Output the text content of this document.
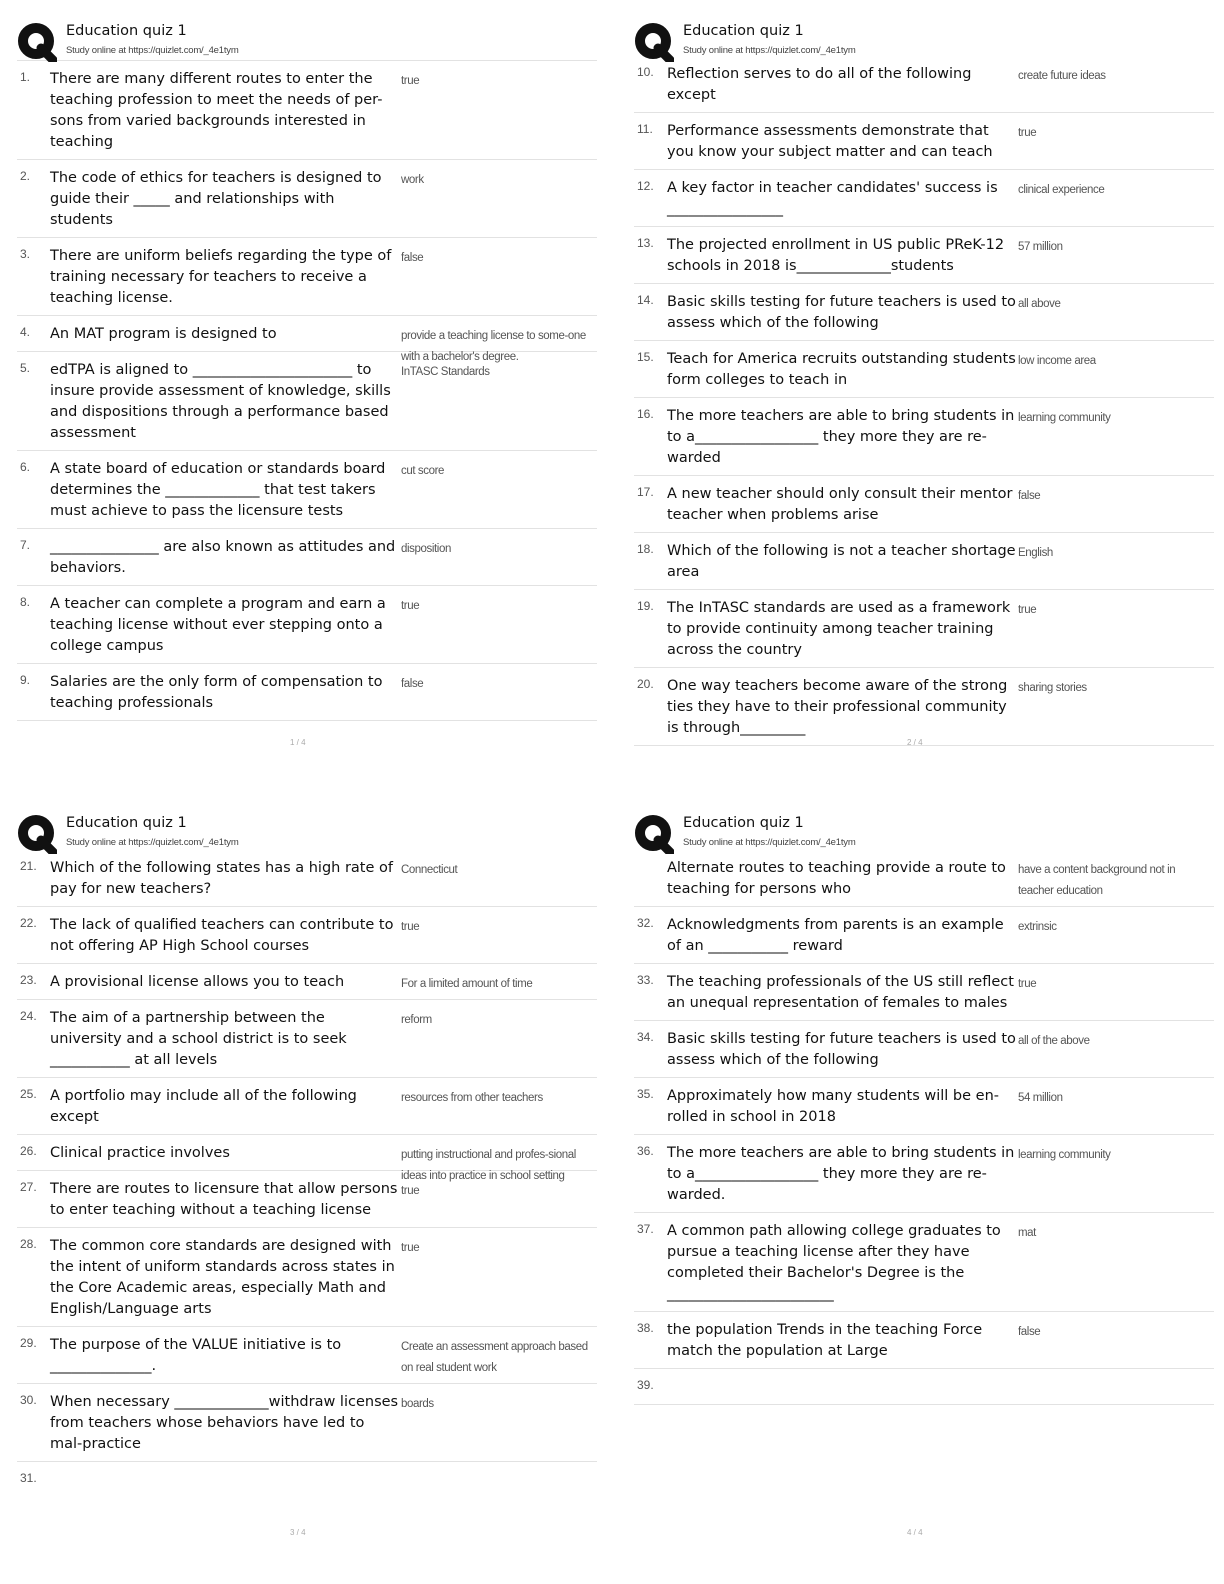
Education quiz 1
Study online at https://quizlet.com/_4e1tym
1. There are many different routes to enter the teaching profession to meet the needs of per-sons from varied backgrounds interested in teaching
true
2. The code of ethics for teachers is designed to guide their _____ and relationships with students
work
3. There are uniform beliefs regarding the type of training necessary for teachers to receive a teaching license.
false
4. An MAT program is designed to	provide a teaching license to some-one with a bachelor's degree.
5. edTPA is aligned to ______________________ to insure provide assessment of knowledge, skills and dispositions through a performance based assessment
InTASC Standards
6. A state board of education or standards board determines the _____________ that test takers must achieve to pass the licensure tests
cut score
7. _______________ are also known as attitudes and behaviors.
disposition
8. A teacher can complete a program and earn a teaching license without ever stepping onto a college campus
true
9. Salaries are the only form of compensation to teaching professionals
false
1 / 4
Education quiz 1
Study online at https://quizlet.com/_4e1tym
10. Reflection serves to do all of the following except
create future ideas
11. Performance assessments demonstrate that you know your subject matter and can teach
true
12. A key factor in teacher candidates' success is ________________
clinical experience
13. The projected enrollment in US public PReK-12 schools in 2018 is_____________students
57 million
14. Basic skills testing for future teachers is used to assess which of the following
all above
15. Teach for America recruits outstanding students form colleges to teach in
low income area
16. The more teachers are able to bring students in to a_________________ they more they are re-warded
learning community
17. A new teacher should only consult their mentor teacher when problems arise
false
18. Which of the following is not a teacher shortage area
English
19. The InTASC standards are used as a framework to provide continuity among teacher training across the country
true
20. One way teachers become aware of the strong ties they have to their professional community is through_________
sharing stories
2 / 4
Education quiz 1
Study online at https://quizlet.com/_4e1tym
21. Which of the following states has a high rate of pay for new teachers?
Connecticut
22. The lack of qualified teachers can contribute to not offering AP High School courses
true
23. A provisional license allows you to teach	For a limited amount of time
24. The aim of a partnership between the university and a school district is to seek ___________ at all levels
reform
25. A portfolio may include all of the following except
resources from other teachers
26. Clinical practice involves	putting instructional and profes-sional ideas into practice in school setting
27. There are routes to licensure that allow persons to enter teaching without a teaching license
true
28. The common core standards are designed with the intent of uniform standards across states in the Core Academic areas, especially Math and English/Language arts
true
29. The purpose of the VALUE initiative is to ______________.
Create an assessment approach based on real student work
30. When necessary _____________withdraw licenses from teachers whose behaviors have led to mal-practice
boards
31.
3 / 4
Education quiz 1
Study online at https://quizlet.com/_4e1tym
Alternate routes to teaching provide a route to teaching for persons who
have a content background not in teacher education
32. Acknowledgments from parents is an example of an ___________ reward
extrinsic
33. The teaching professionals of the US still reflect an unequal representation of females to males
true
34. Basic skills testing for future teachers is used to assess which of the following
all of the above
35. Approximately how many students will be en-rolled in school in 2018
54 million
36. The more teachers are able to bring students in to a_________________ they more they are re-warded.
learning community
37. A common path allowing college graduates to pursue a teaching license after they have completed their Bachelor's Degree is the _______________________
mat
38. the population Trends in the teaching Force match the population at Large
false
39.
4 / 4
